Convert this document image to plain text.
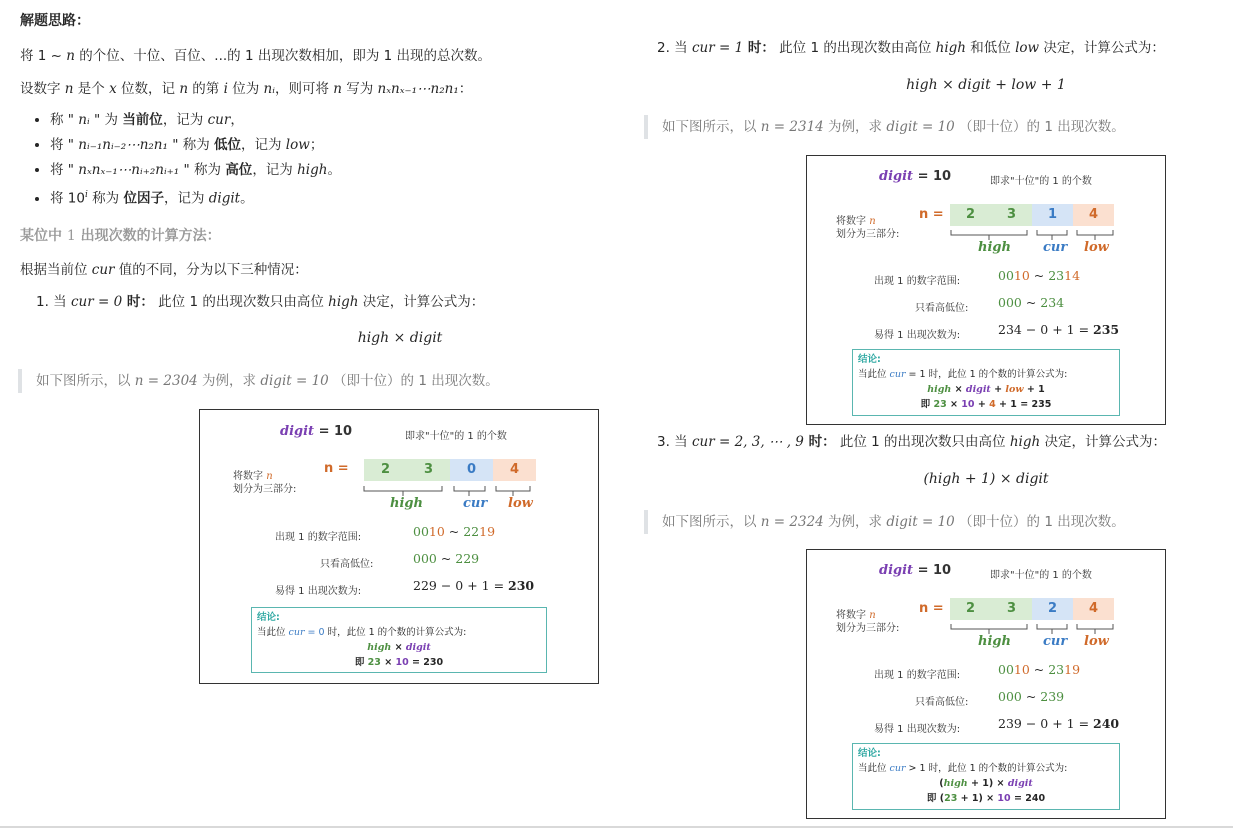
解题思路：
将 1 ~ n 的个位、十位、百位、...的 1 出现次数相加，即为 1 出现的总次数。
设数字 n 是个 x 位数，记 n 的第 i 位为 nᵢ，则可将 n 写为 nₓnₓ₋₁⋯n₂n₁：
• 称 " nᵢ " 为 当前位，记为 cur，
• 将 " nᵢ₋₁nᵢ₋₂⋯n₂n₁ " 称为 低位，记为 low；
• 将 " nₓnₓ₋₁⋯nᵢ₊₂nᵢ₊₁ " 称为 高位，记为 high。
• 将 10$^i$ 称为 位因子，记为 digit。
某位中 1 出现次数的计算方法：
根据当前位 cur 值的不同，分为以下三种情况：
1. 当 cur = 0 时： 此位 1 的出现次数只由高位 high 决定，计算公式为：
high × digit
如下图所示，以 n = 2304 为例，求 digit = 10 （即十位）的 1 出现次数。
digit = 10	即求"十位"的 1 的个数
将数字 n
划分为三部分:
n =	2	3	0	4
high	cur low
出现 1 的数字范围:	0010 ~ 2219
只看高低位:	000 ~ 229
易得 1 出现次数为:	229 − 0 + 1 = 230
结论:
当此位 cur = 0 时，此位 1 的个数的计算公式为:
high × digit
即 23 × 10 = 230
2. 当 cur = 1 时： 此位 1 的出现次数由高位 high 和低位 low 决定，计算公式为：
high × digit + low + 1
如下图所示，以 n = 2314 为例，求 digit = 10 （即十位）的 1 出现次数。
digit = 10	即求"十位"的 1 的个数
将数字 n
划分为三部分:
n =	2	3	1	4
high cur low
出现 1 的数字范围:	0010 ~ 2314
只看高低位: 000 ~ 234
易得 1 出现次数为:	234 − 0 + 1 = 235
结论:
当此位 cur = 1 时，此位 1 的个数的计算公式为:
high × digit + low + 1
即 23 × 10 + 4 + 1 = 235
3. 当 cur = 2, 3, ⋯ , 9 时： 此位 1 的出现次数只由高位 high 决定，计算公式为：
(high + 1) × digit
如下图所示，以 n = 2324 为例，求 digit = 10 （即十位）的 1 出现次数。
digit = 10	即求"十位"的 1 的个数
将数字 n
划分为三部分:
n =	2	3	2	4
high cur low
出现 1 的数字范围:	0010 ~ 2319
只看高低位: 000 ~ 239
易得 1 出现次数为:	239 − 0 + 1 = 240
结论:
当此位 cur > 1 时，此位 1 的个数的计算公式为:
(high + 1) × digit
即 (23 + 1) × 10 = 240
